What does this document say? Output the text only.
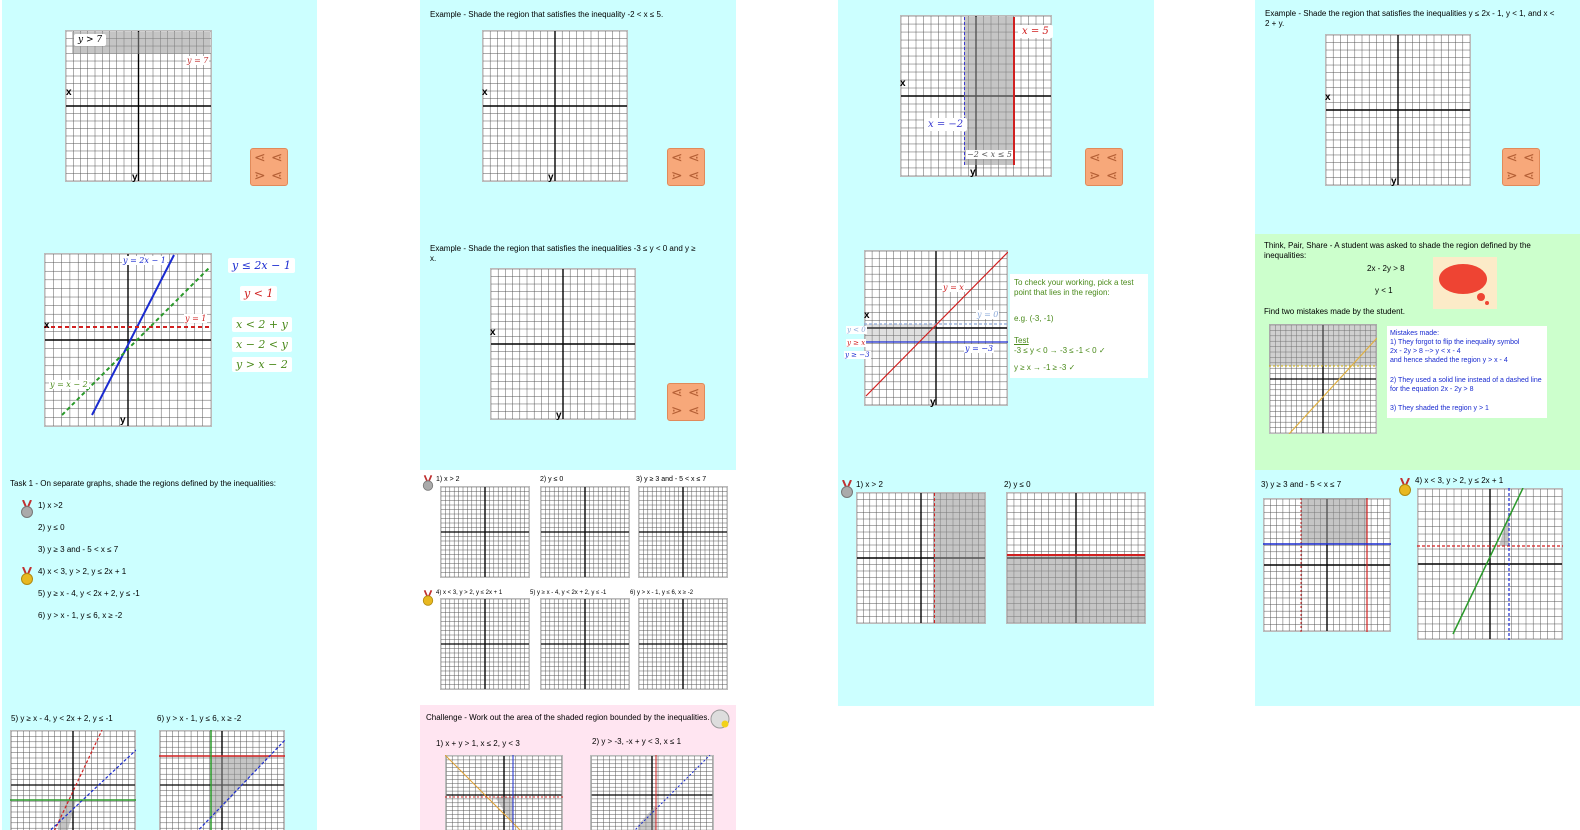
y > 7
y = 7
x
y
⋖ ⋖
⋗ ⋖
y = 2x − 1
y = 1
y = x − 2
x
y
y ≤ 2x − 1
y < 1
x < 2 + y
x − 2 < y
y > x − 2
Task 1 - On separate graphs, shade the regions defined by the inequalities:
1) x >2
2) y ≤ 0
3) y ≥ 3 and - 5 < x ≤ 7
4) x < 3, y > 2, y ≤ 2x + 1
5) y ≥ x - 4, y < 2x + 2, y ≤ -1
6) y > x - 1, y ≤ 6, x ≥ -2
5) y ≥ x - 4, y < 2x + 2, y ≤ -1	6) y > x - 1, y ≤ 6, x ≥ -2
Example - Shade the region that satisfies the inequality -2 < x ≤ 5.
x
y
⋖ ⋖
⋗ ⋖
Example - Shade the region that satisfies the inequalities -3 ≤ y < 0 and y ≥ x.
x
y
⋖ ⋖
⋗ ⋖
1) x > 2	2) y ≤ 0	3) y ≥ 3 and - 5 < x ≤ 7
4) x < 3, y > 2, y ≤ 2x + 1	5) y ≥ x - 4, y < 2x + 2, y ≤ -1	6) y > x - 1, y ≤ 6, x ≥ -2
Challenge - Work out the area of the shaded region bounded by the inequalities.
1) x + y > 1, x ≤ 2, y < 3	2) y > -3, -x + y < 3, x ≤ 1
x = 5
x = −2
−2 < x ≤ 5
x
y
⋖ ⋖
⋗ ⋖
y = x
y = 0
y = −3
y < 0
y ≥ x
y ≥ −3
x
y
To check your working, pick a test point that lies in the region:
e.g. (-3, -1)
Test
-3 ≤ y < 0 → -3 ≤ -1 < 0 ✓
y ≥ x → -1 ≥ -3 ✓
1) x > 2	2) y ≤ 0
Example - Shade the region that satisfies the inequalities y ≤ 2x - 1, y < 1, and x < 2 + y.
x
y
⋖ ⋖
⋗ ⋖
Think, Pair, Share - A student was asked to shade the region defined by the inequalities:
2x - 2y > 8
y < 1
Find two mistakes made by the student.
Mistakes made:
1) They forgot to flip the inequality symbol
2x - 2y > 8 --> y < x - 4
and hence shaded the region y > x - 4
2) They used a solid line instead of a dashed line for the equation 2x - 2y > 8
3) They shaded the region y > 1
3) y ≥ 3 and - 5 < x ≤ 7	4) x < 3, y > 2, y ≤ 2x + 1
